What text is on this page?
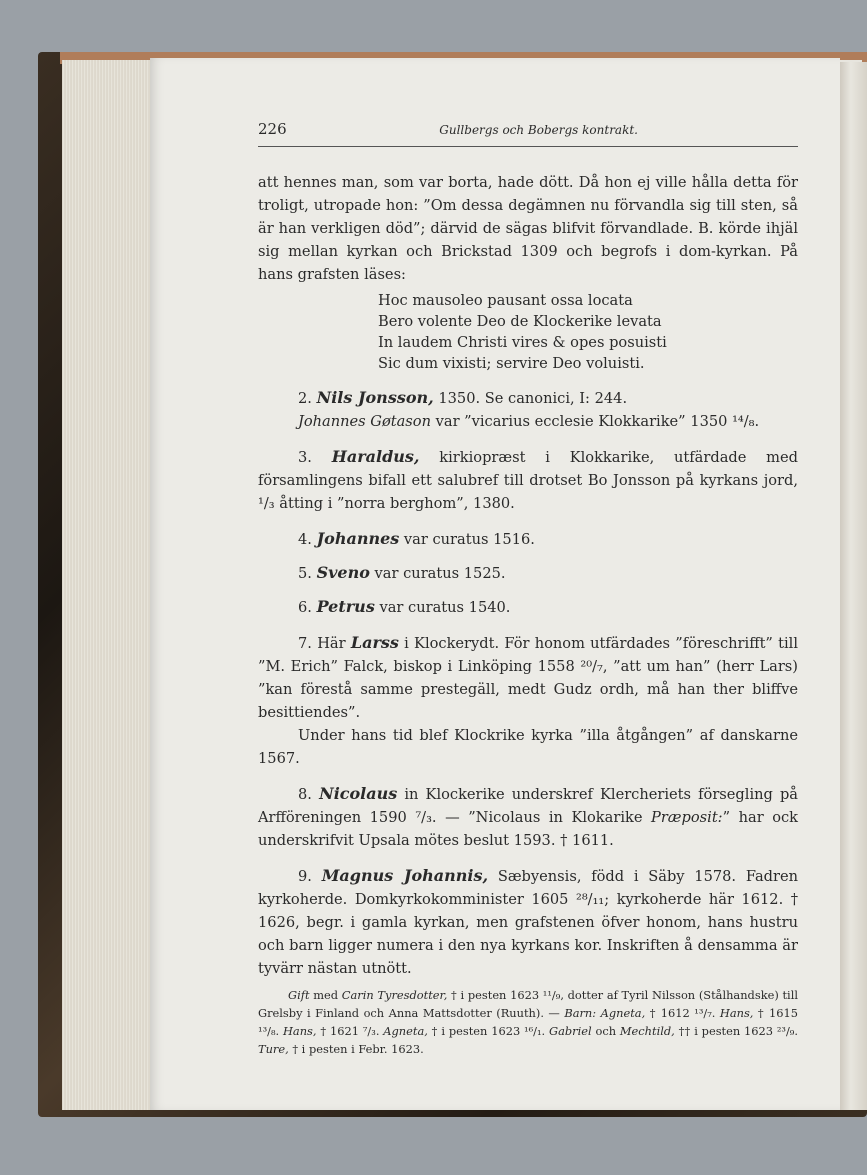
226	Gullbergs och Bobergs kontrakt.

att hennes man, som var borta, hade dött. Då hon ej ville hålla detta för troligt, utropade hon: ”Om dessa degämnen nu förvandla sig till sten, så är han verkligen död”; därvid de sägas blifvit förvandlade. B. körde ihjäl sig mellan kyrkan och Brickstad 1309 och begrofs i dom-kyrkan. På hans grafsten läses:

Hoc mausoleo pausant ossa locata
Bero volente Deo de Klockerike levata
In laudem Christi vires & opes posuisti
Sic dum vixisti; servire Deo voluisti.

2. Nils Jonsson, 1350. Se canonici, I: 244.

Johannes Gøtason var ”vicarius ecclesie Klokkarike” 1350 ¹⁴/₈.

3. Haraldus, kirkiopræst i Klokkarike, utfärdade med församlingens bifall ett salubref till drotset Bo Jonsson på kyrkans jord, ¹/₃ åtting i ”norra berghom”, 1380.

4. Johannes var curatus 1516.

5. Sveno var curatus 1525.

6. Petrus var curatus 1540.

7. Här Larss i Klockerydt. För honom utfärdades ”föreschrifft” till ”M. Erich” Falck, biskop i Linköping 1558 ²⁰/₇, ”att um han” (herr Lars) ”kan förestå samme prestegäll, medt Gudz ordh, må han ther bliffve besittiendes”.

Under hans tid blef Klockrike kyrka ”illa åtgången” af danskarne 1567.

8. Nicolaus in Klockerike underskref Klercheriets försegling på Arfföreningen 1590 ⁷/₃. — ”Nicolaus in Klokarike Præposit:” har ock underskrifvit Upsala mötes beslut 1593. † 1611.

9. Magnus Johannis, Sæbyensis, född i Säby 1578. Fadren kyrkoherde. Domkyrkokomminister 1605 ²⁸/₁₁; kyrkoherde här 1612. † 1626, begr. i gamla kyrkan, men grafstenen öfver honom, hans hustru och barn ligger numera i den nya kyrkans kor. Inskriften å densamma är tyvärr nästan utnött.

Gift med Carin Tyresdotter, † i pesten 1623 ¹¹/₉, dotter af Tyril Nilsson (Stålhandske) till Grelsby i Finland och Anna Mattsdotter (Ruuth). — Barn: Agneta, † 1612 ¹³/₇. Hans, † 1615 ¹³/₈. Hans, † 1621 ⁷/₃. Agneta, † i pesten 1623 ¹⁶/₁. Gabriel och Mechtild, †† i pesten 1623 ²³/₉. Ture, † i pesten i Febr. 1623.
